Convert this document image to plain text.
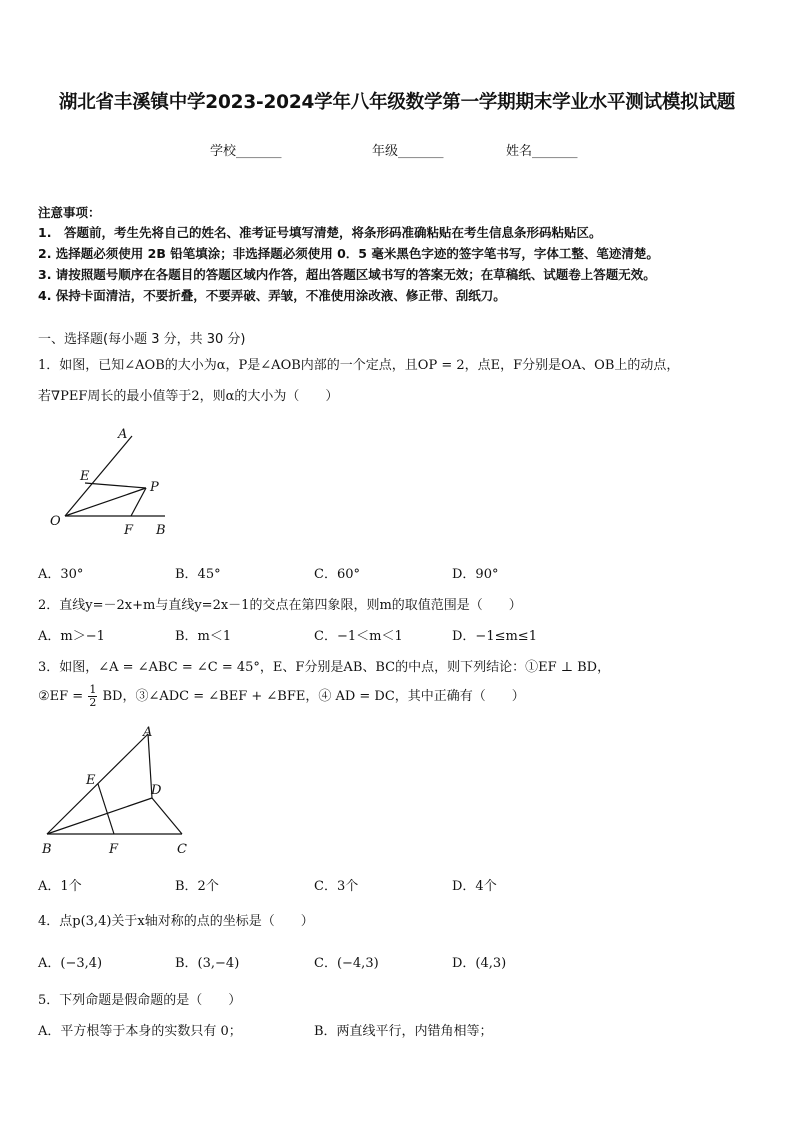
湖北省丰溪镇中学2023-2024学年八年级数学第一学期期末学业水平测试模拟试题
学校_______	年级_______	姓名_______
注意事项：
1.　答题前，考生先将自己的姓名、准考证号填写清楚，将条形码准确粘贴在考生信息条形码粘贴区。
2. 选择题必须使用 2B 铅笔填涂；非选择题必须使用 0．5 毫米黑色字迹的签字笔书写，字体工整、笔迹清楚。
3. 请按照题号顺序在各题目的答题区域内作答，超出答题区域书写的答案无效；在草稿纸、试题卷上答题无效。
4. 保持卡面清洁，不要折叠，不要弄破、弄皱，不准使用涂改液、修正带、刮纸刀。
一、选择题(每小题 3 分，共 30 分)
1．如图，已知∠AOB的大小为α，P是∠AOB内部的一个定点，且OP = 2，点E，F分别是OA、OB上的动点，
若∇PEF周长的最小值等于2，则α的大小为（　　）
A
E
P
O
F B
A．30°	B．45°	C．60°	D．90°
2．直线y=－2x+m与直线y=2x－1的交点在第四象限，则m的取值范围是（　　）
A．m＞−1	B．m＜1	C．−1＜m＜1	D．−1≤m≤1
3．如图，∠A = ∠ABC = ∠C = 45°，E、F分别是AB、BC的中点，则下列结论：①EF ⊥ BD，
②EF = $\frac{1}{2}$ BD，③∠ADC = ∠BEF + ∠BFE，④ AD = DC，其中正确有（　　）
A
E
D
B	F	C
A．1个	B．2个	C．3个	D．4个
4．点p(3,4)关于x轴对称的点的坐标是（　　）
A．(−3,4)	B．(3,−4)	C．(−4,3)	D．(4,3)
5．下列命题是假命题的是（　　）
A．平方根等于本身的实数只有 0；	B．两直线平行，内错角相等；
